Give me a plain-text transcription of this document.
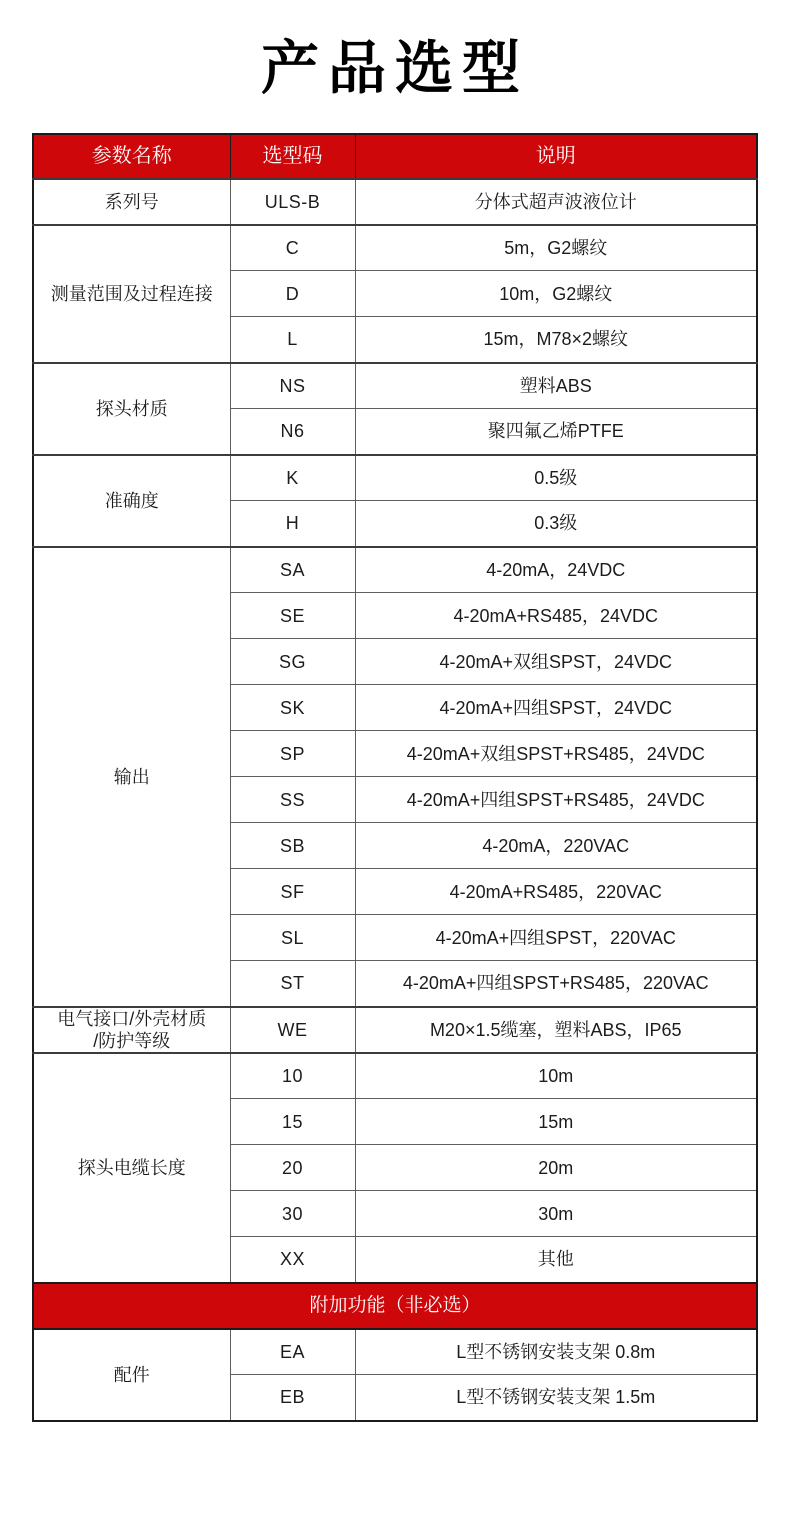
产品选型
参数名称	选型码	说明
系列号	ULS-B	分体式超声波液位计
测量范围及过程连接	C	5m，G2螺纹
	D	10m，G2螺纹
	L	15m，M78×2螺纹
探头材质	NS	塑料ABS
	N6	聚四氟乙烯PTFE
准确度	K	0.5级
	H	0.3级
输出	SA	4-20mA，24VDC
	SE	4-20mA+RS485，24VDC
	SG	4-20mA+双组SPST，24VDC
	SK	4-20mA+四组SPST，24VDC
	SP	4-20mA+双组SPST+RS485，24VDC
	SS	4-20mA+四组SPST+RS485，24VDC
	SB	4-20mA，220VAC
	SF	4-20mA+RS485，220VAC
	SL	4-20mA+四组SPST，220VAC
	ST	4-20mA+四组SPST+RS485，220VAC

电气接口/外壳材质
/防护等级	WE	M20×1.5缆塞，塑料ABS，IP65
探头电缆长度	10	10m
	15	15m
	20	20m
	30	30m
	XX	其他
附加功能（非必选）		
配件	EA	L型不锈钢安装支架 0.8m
	EB	L型不锈钢安装支架 1.5m
